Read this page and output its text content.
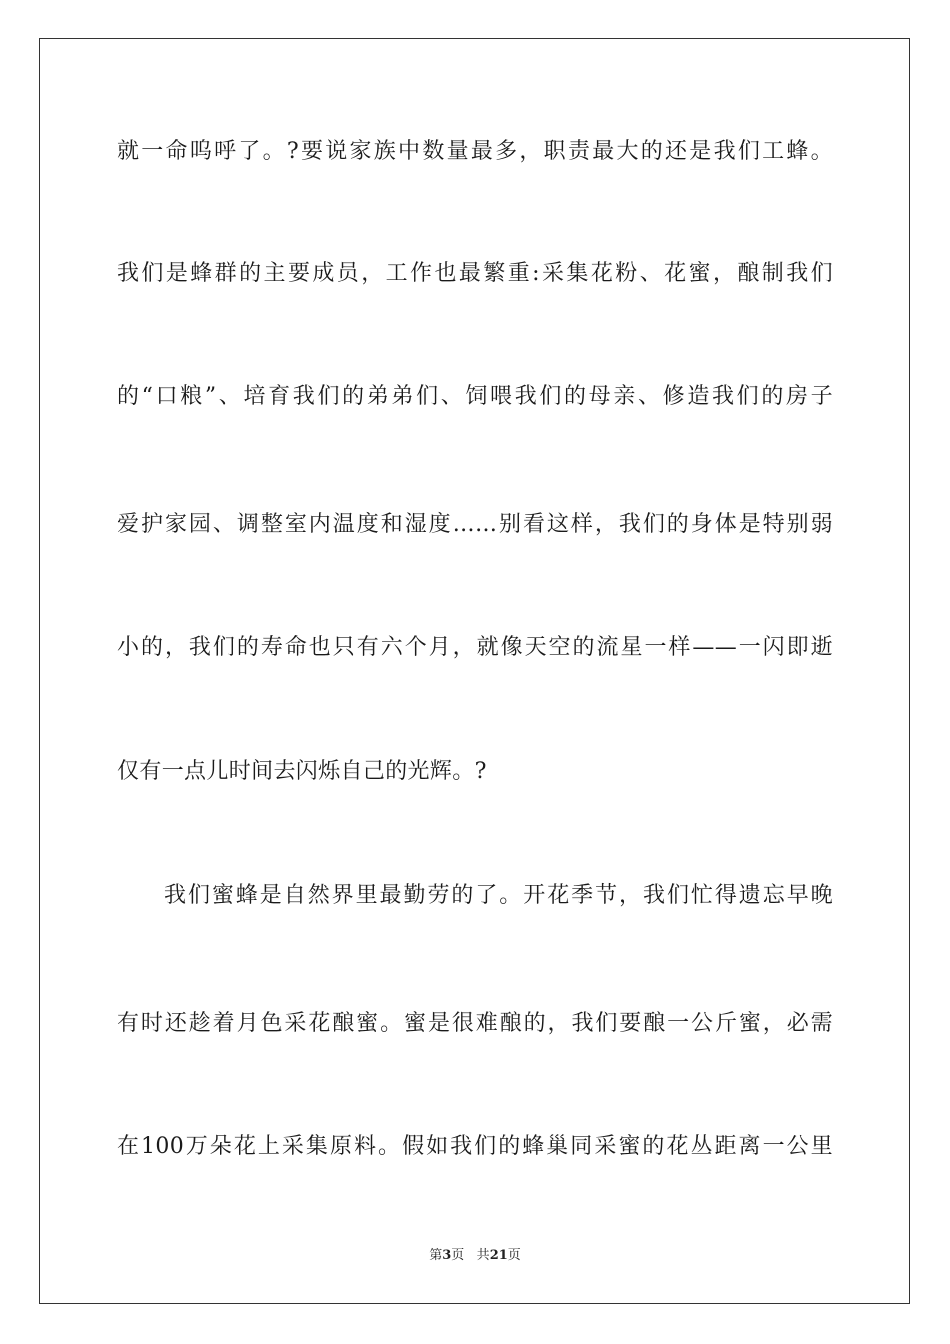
就一命呜呼了。?要说家族中数量最多，职责最大的还是我们工蜂。
我们是蜂群的主要成员，工作也最繁重:采集花粉、花蜜，酿制我们
的“口粮”、培育我们的弟弟们、饲喂我们的母亲、修造我们的房子
爱护家园、调整室内温度和湿度……别看这样，我们的身体是特别弱
小的，我们的寿命也只有六个月，就像天空的流星一样——一闪即逝
仅有一点儿时间去闪烁自己的光辉。?
我们蜜蜂是自然界里最勤劳的了。开花季节，我们忙得遗忘早晚
有时还趁着月色采花酿蜜。蜜是很难酿的，我们要酿一公斤蜜，必需
在100万朵花上采集原料。假如我们的蜂巢同采蜜的花丛距离一公里
第3页 共21页
